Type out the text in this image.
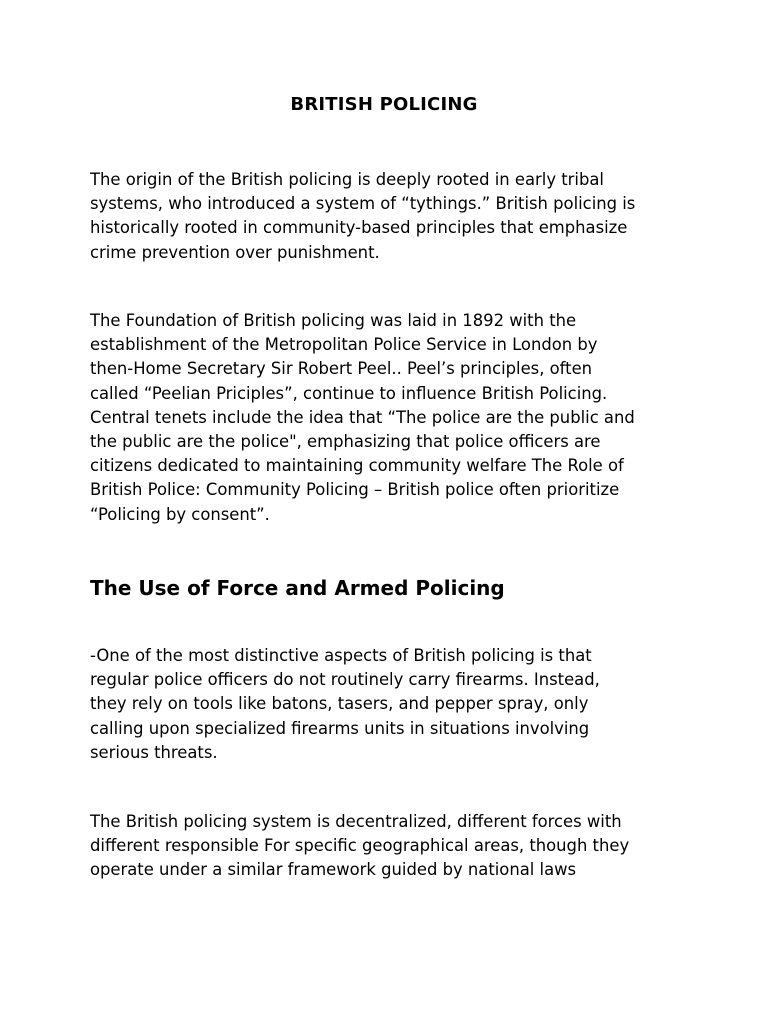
BRITISH POLICING

The origin of the British policing is deeply rooted in early tribal
systems, who introduced a system of “tythings.” British policing is
historically rooted in community-based principles that emphasize
crime prevention over punishment.

The Foundation of British policing was laid in 1892 with the
establishment of the Metropolitan Police Service in London by
then-Home Secretary Sir Robert Peel.. Peel’s principles, often
called “Peelian Priciples”, continue to influence British Policing.
Central tenets include the idea that “The police are the public and
the public are the police", emphasizing that police officers are
citizens dedicated to maintaining community welfare The Role of
British Police: Community Policing – British police often prioritize
“Policing by consent”.

The Use of Force and Armed Policing

-One of the most distinctive aspects of British policing is that
regular police officers do not routinely carry firearms. Instead,
they rely on tools like batons, tasers, and pepper spray, only
calling upon specialized firearms units in situations involving
serious threats.

The British policing system is decentralized, different forces with
different responsible For specific geographical areas, though they
operate under a similar framework guided by national laws
